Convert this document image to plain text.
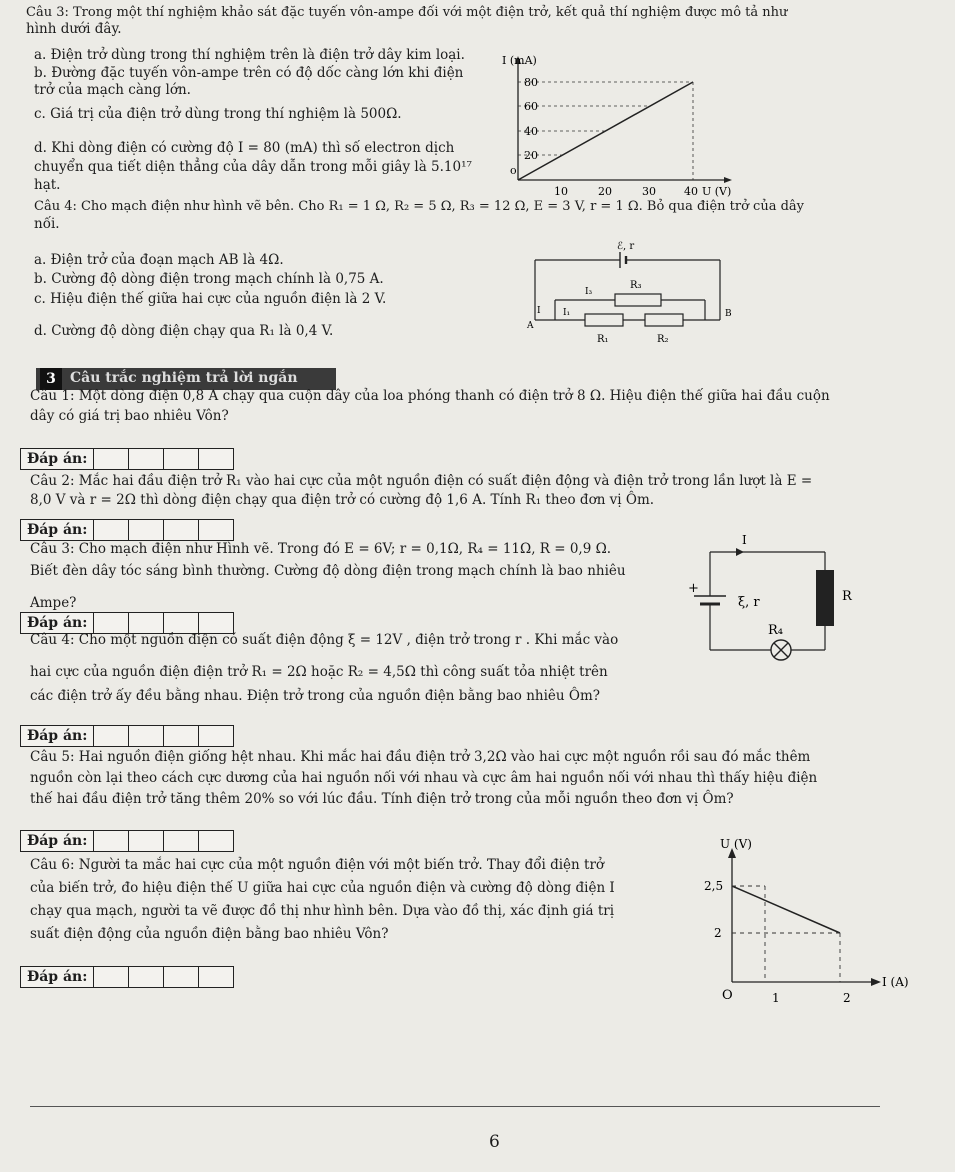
Câu 3: Trong một thí nghiệm khảo sát đặc tuyến vôn-ampe đối với một điện trở, kết quả thí nghiệm được mô tả như
hình dưới đây.
a. Điện trở dùng trong thí nghiệm trên là điện trở dây kim loại.
b. Đường đặc tuyến vôn-ampe trên có độ dốc càng lớn khi điện
trở của mạch càng lớn.
c. Giá trị của điện trở dùng trong thí nghiệm là 500Ω.
d. Khi dòng điện có cường độ I = 80 (mA) thì số electron dịch
chuyển qua tiết diện thẳng của dây dẫn trong mỗi giây là 5.10¹⁷
hạt.
I (mA)
80
60
40
20
o
10	20	30	40 U (V)
Câu 4: Cho mạch điện như hình vẽ bên. Cho R₁ = 1 Ω, R₂ = 5 Ω, R₃ = 12 Ω, E = 3 V, r = 1 Ω. Bỏ qua điện trở của dây
nối.
a. Điện trở của đoạn mạch AB là 4Ω.
b. Cường độ dòng điện trong mạch chính là 0,75 A.
c. Hiệu điện thế giữa hai cực của nguồn điện là 2 V.
d. Cường độ dòng điện chạy qua R₁ là 0,4 V.
ℰ, r
R₃
I₃
I I₁
A
B
R₁	R₂
3	Câu trắc nghiệm trả lời ngắn
Câu 1: Một dòng điện 0,8 A chạy qua cuộn dây của loa phóng thanh có điện trở 8 Ω. Hiệu điện thế giữa hai đầu cuộn
dây có giá trị bao nhiêu Vôn?
Đáp án:
Câu 2: Mắc hai đầu điện trở R₁ vào hai cực của một nguồn điện có suất điện động và điện trở trong lần lượt là E =
8,0 V và r = 2Ω thì dòng điện chạy qua điện trở có cường độ 1,6 A. Tính R₁ theo đơn vị Ôm.
Đáp án:
Câu 3: Cho mạch điện như Hình vẽ. Trong đó E = 6V; r = 0,1Ω, R₄ = 11Ω, R = 0,9 Ω.
Biết đèn dây tóc sáng bình thường. Cường độ dòng điện trong mạch chính là bao nhiêu
Ampe?
Đáp án:
I
+
ξ, r	R
R₄
Câu 4: Cho một nguồn điện có suất điện động ξ = 12V , điện trở trong r . Khi mắc vào
hai cực của nguồn điện điện trở R₁ = 2Ω hoặc R₂ = 4,5Ω thì công suất tỏa nhiệt trên
các điện trở ấy đều bằng nhau. Điện trở trong của nguồn điện bằng bao nhiêu Ôm?
Đáp án:
Câu 5: Hai nguồn điện giống hệt nhau. Khi mắc hai đầu điện trở 3,2Ω vào hai cực một nguồn rồi sau đó mắc thêm
nguồn còn lại theo cách cực dương của hai nguồn nối với nhau và cực âm hai nguồn nối với nhau thì thấy hiệu điện
thế hai đầu điện trở tăng thêm 20% so với lúc đầu. Tính điện trở trong của mỗi nguồn theo đơn vị Ôm?
Đáp án:
Câu 6: Người ta mắc hai cực của một nguồn điện với một biến trở. Thay đổi điện trở
của biến trở, đo hiệu điện thế U giữa hai cực của nguồn điện và cường độ dòng điện I
chạy qua mạch, người ta vẽ được đồ thị như hình bên. Dựa vào đồ thị, xác định giá trị
suất điện động của nguồn điện bằng bao nhiêu Vôn?
Đáp án:
U (V)
2,5
2
O	1	2
I (A)
6
